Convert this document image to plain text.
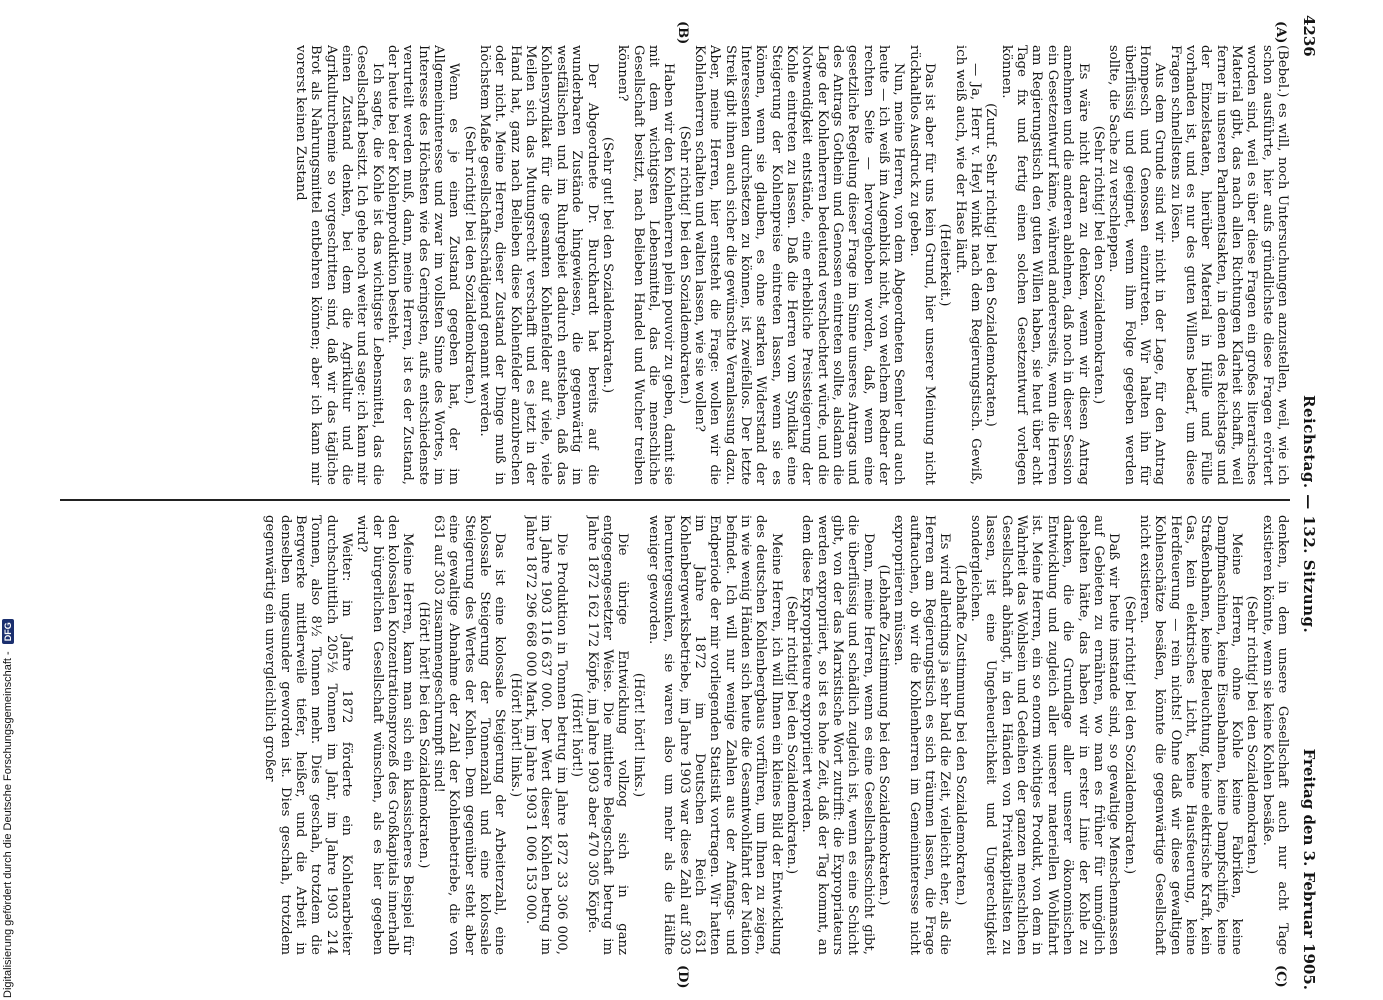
4236
Reichstag. — 132. Sitzung.
Freitag den 3. Februar 1905.
(A)
(B)
(C)
(D)

(Bebel.) es will, noch Untersuchungen anzustellen, weil, wie ich schon ausführte, hier aufs gründlichste diese Fragen erörtert worden sind, weil es über diese Fragen ein großes literarisches Material gibt, das nach allen Richtungen Klarheit schafft, weil ferner in unseren Parlamentsakten, in denen des Reichstags und der Einzelstaaten, hierüber Material in Hülle und Fülle vorhanden ist, und es nur des guten Willens bedarf, um diese Fragen schnellstens zu lösen.

Aus dem Grunde sind wir nicht in der Lage, für den Antrag Hompesch und Genossen einzutreten. Wir halten ihn für überflüssig und geeignet, wenn ihm Folge gegeben werden sollte, die Sache zu verschleppen.

(Sehr richtig! bei den Sozialdemokraten.)

Es wäre nicht daran zu denken, wenn wir diesen Antrag annehmen und die anderen ablehnen, daß noch in dieser Session ein Gesetzentwurf käme, während andererseits, wenn die Herren am Regierungstisch den guten Willen haben, sie heut über acht Tage fix und fertig einen solchen Gesetzentwurf vorlegen können.

(Zuruf. Sehr richtig! bei den Sozialdemokraten.)

— Ja, Herr v. Heyl winkt nach dem Regierungstisch. Gewiß, ich weiß auch, wie der Hase läuft.

(Heiterkeit.)

Das ist aber für uns kein Grund, hier unserer Meinung nicht rückhaltlos Ausdruck zu geben.

Nun, meine Herren, von dem Abgeordneten Semler und auch heute — ich weiß im Augenblick nicht, von welchem Redner der rechten Seite — hervorgehoben worden, daß, wenn eine gesetzliche Regelung dieser Frage im Sinne unseres Antrags und des Antrags Gothein und Genossen eintreten sollte, alsdann die Lage der Kohlenherren bedeutend verschlechtert würde, und die Notwendigkeit entstände, eine erhebliche Preissteigerung der Kohle eintreten zu lassen. Daß die Herren vom Syndikat eine Steigerung der Kohlenpreise eintreten lassen, wenn sie es können, wenn sie glauben, es ohne starken Widerstand der Interessenten durchsetzen zu können, ist zweifellos. Der letzte Streik gibt ihnen auch sicher die gewünschte Veranlassung dazu. Aber, meine Herren, hier entsteht die Frage: wollen wir die Kohlenherren schalten und walten lassen, wie sie wollen?

(Sehr richtig! bei den Sozialdemokraten.)

Haben wir den Kohlenherren plein pouvoir zu geben, damit sie mit dem wichtigsten Lebensmittel, das die menschliche Gesellschaft besitzt, nach Belieben Handel und Wucher treiben können?

(Sehr gut! bei den Sozialdemokraten.)

Der Abgeordnete Dr. Burckhardt hat bereits auf die wunderbaren Zustände hingewiesen, die gegenwärtig im westfälischen und im Ruhrgebiet dadurch entstehen, daß das Kohlensyndikat für die gesamten Kohlenfelder auf viele, viele Meilen sich das Mutungsrecht verschafft und es jetzt in der Hand hat, ganz nach Belieben diese Kohlenfelder anzubrechen oder nicht. Meine Herren, dieser Zustand der Dinge muß in höchstem Maße gesellschaftsschädigend genannt werden.

(Sehr richtig! bei den Sozialdemokraten.)

Wenn es je einen Zustand gegeben hat, der im Allgemeininteresse und zwar im vollsten Sinne des Wortes, im Interesse des Höchsten wie des Geringsten, aufs entschiedenste verurteilt werden muß, dann, meine Herren, ist es der Zustand, der heute bei der Kohlenproduktion besteht.

Ich sagte, die Kohle ist das wichtigste Lebensmittel, das die Gesellschaft besitzt. Ich gehe noch weiter und sage: ich kann mir einen Zustand denken, bei dem die Agrikultur und die Agrikulturchemie so vorgeschritten sind, daß wir das tägliche Brot als Nahrungsmittel entbehren können; aber ich kann mir vorerst keinen Zustand

denken, in dem unsere Gesellschaft auch nur acht Tage existieren könnte, wenn sie keine Kohlen besäße.

(Sehr richtig! bei den Sozialdemokraten.)

Meine Herren, ohne Kohle keine Fabriken, keine Dampfmaschinen, keine Eisenbahnen, keine Dampfschiffe, keine Straßenbahnen, keine Beleuchtung, keine elektrische Kraft, kein Gas, kein elektrisches Licht, keine Hausfeuerung, keine Herdfeuerung — rein nichts! Ohne daß wir diese gewaltigen Kohlenschätze besäßen, könnte die gegenwärtige Gesellschaft nicht existieren.

(Sehr richtig! bei den Sozialdemokraten.)

Daß wir heute imstande sind, so gewaltige Menschenmassen auf Gebieten zu ernähren, wo man es früher für unmöglich gehalten hätte, das haben wir in erster Linie der Kohle zu danken, die die Grundlage aller unserer ökonomischen Entwicklung und zugleich aller unserer materiellen Wohlfahrt ist. Meine Herren, ein so enorm wichtiges Produkt, von dem in Wahrheit das Wohlsein und Gedeihen der ganzen menschlichen Gesellschaft abhängt, in den Händen von Privatkapitalisten zu lassen, ist eine Ungeheuerlichkeit und Ungerechtigkeit sondergleichen.

(Lebhafte Zustimmung bei den Sozialdemokraten.)

Es wird allerdings ja sehr bald die Zeit, vielleicht eher, als die Herren am Regierungstisch es sich träumen lassen, die Frage auftauchen, ob wir die Kohlenherren im Gemeininteresse nicht expropriieren müssen.

(Lebhafte Zustimmung bei den Sozialdemokraten.)

Denn, meine Herren, wenn es eine Gesellschaftsschicht gibt, die überflüssig und schädlich zugleich ist, wenn es eine Schicht gibt, von der das Marxistische Wort zutrifft: die Expropriateurs werden expropriiert, so ist es hohe Zeit, daß der Tag kommt, an dem diese Expropriateure expropriiert werden.

(Sehr richtig! bei den Sozialdemokraten.)

Meine Herren, ich will Ihnen ein kleines Bild der Entwicklung des deutschen Kohlenbergbaus vorführen, um Ihnen zu zeigen, in wie wenig Händen sich heute die Gesamtwohlfahrt der Nation befindet. Ich will nur wenige Zahlen aus der Anfangs- und Endperiode der mir vorliegenden Statistik vortragen. Wir hatten im Jahre 1872 im Deutschen Reich 631 Kohlenbergwerksbetriebe, im Jahre 1903 war diese Zahl auf 303 heruntergesunken, sie waren also um mehr als die Hälfte weniger geworden.

(Hört! hört! links.)

Die übrige Entwicklung vollzog sich in ganz entgegengesetzter Weise. Die mittlere Belegschaft betrug im Jahre 1872 162 172 Köpfe, im Jahre 1903 aber 470 305 Köpfe.

(Hört! hört!)

Die Produktion in Tonnen betrug im Jahre 1872 33 306 000, im Jahre 1903 116 637 000. Der Wert dieser Kohlen betrug im Jahre 1872 296 668 000 Mark, im Jahre 1903 1 006 153 000.

(Hört! hört! links.)

Das ist eine kolossale Steigerung der Arbeiterzahl, eine kolossale Steigerung der Tonnenzahl und eine kolossale Steigerung des Wertes der Kohlen. Dem gegenüber steht aber eine gewaltige Abnahme der Zahl der Kohlenbetriebe, die von 631 auf 303 zusammengeschrumpft sind!

(Hört! hört! bei den Sozialdemokraten.)

Meine Herren, kann man sich ein klassischeres Beispiel für den kolossalen Konzentrationsprozeß des Großkapitals innerhalb der bürgerlichen Gesellschaft wünschen, als es hier gegeben wird?

Weiter: im Jahre 1872 förderte ein Kohlenarbeiter durchschnittlich 205½ Tonnen im Jahr, im Jahre 1903 214 Tonnen, also 8½ Tonnen mehr. Dies geschah, trotzdem die Bergwerke mittlerweile tiefer, heißer, und die Arbeit in denselben ungesunder geworden ist. Dies geschah, trotzdem gegenwärtig ein unvergleichlich großer

Digitalisierung gefördert durch die Deutsche Forschungsgemeinschaft - DFG
